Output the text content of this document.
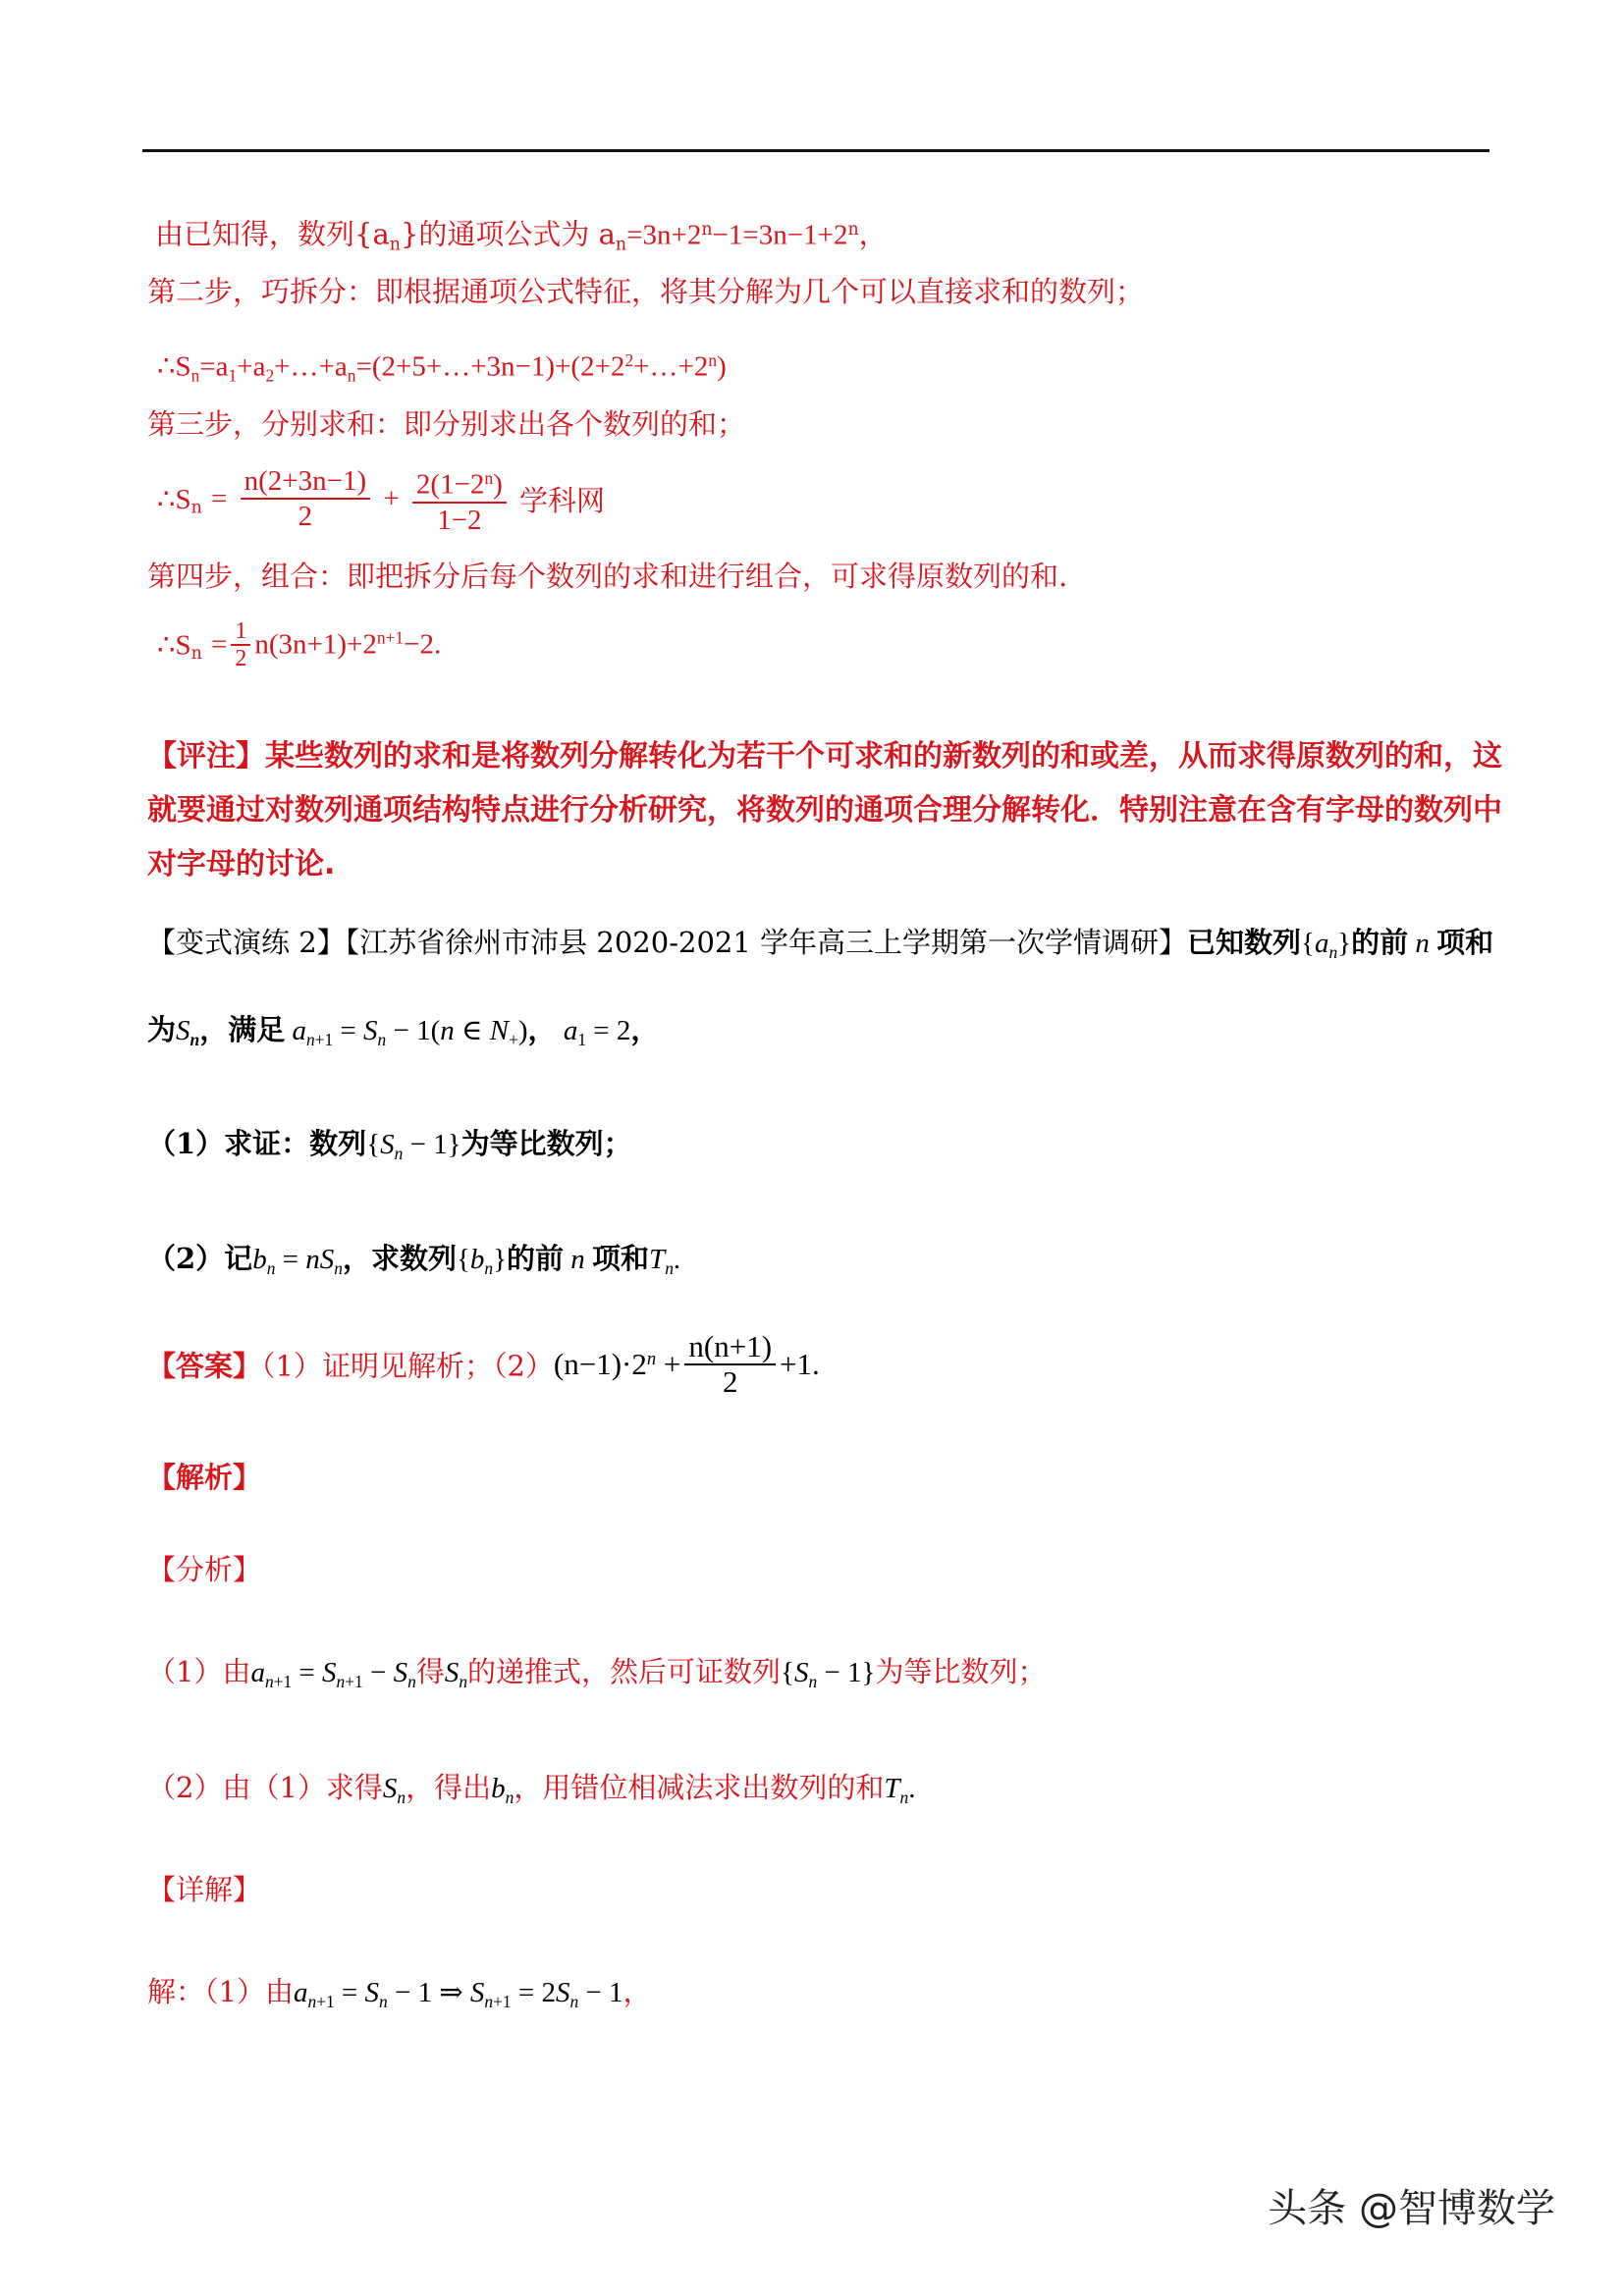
由已知得，数列$\{a_n\}$的通项公式为 $a_n=3n+2^n-1=3n-1+2^n$，
第二步，巧拆分：即根据通项公式特征，将其分解为几个可以直接求和的数列；
$\therefore S_n=a_1+a_2+\dots+a_n=(2+5+\dots+3n-1)+(2+2^2+\dots+2^n)$
第三步，分别求和：即分别求出各个数列的和；
$\therefore S_n = \frac{n(2+3n-1)}{2} + \frac{2(1-2^n)}{1-2}$ 学科网
第四步，组合：即把拆分后每个数列的求和进行组合，可求得原数列的和.
$\therefore S_n = \frac{1}{2} n(3n+1)+2^{n+1}-2$.
【评注】某些数列的求和是将数列分解转化为若干个可求和的新数列的和或差，从而求得原数列的和，这
就要通过对数列通项结构特点进行分析研究，将数列的通项合理分解转化．特别注意在含有字母的数列中
对字母的讨论.
【变式演练 2】【江苏省徐州市沛县 2020-2021 学年高三上学期第一次学情调研】已知数列$\{a_n\}$的前 n 项和
为$S_n$，满足 $a_{n+1} = S_n - 1(n$ ∈ $N_+$)， $a_1 = 2$，
（1）求证：数列$\{S_n - 1\}$为等比数列；
（2）记$b_n = nS_n$，求数列$\{b_n\}$的前 n 项和$T_n$.
【答案】（1）证明见解析；$(2)(n-1)\cdot 2^n + \frac{n(n+1)}{2} +1$.
【解析】
【分析】
（1）由$a_{n+1} = S_{n+1} - S_n$得$S_n$的递推式，然后可证数列$\{S_n - 1\}$为等比数列；
（2）由（1）求得$S_n$，得出$b_n$，用错位相减法求出数列的和$T_n$.
【详解】
解：（1）由$a_{n+1} = S_n - 1$ ⇒ $S_{n+1} = 2S_n - 1$，
头条 @智博数学
